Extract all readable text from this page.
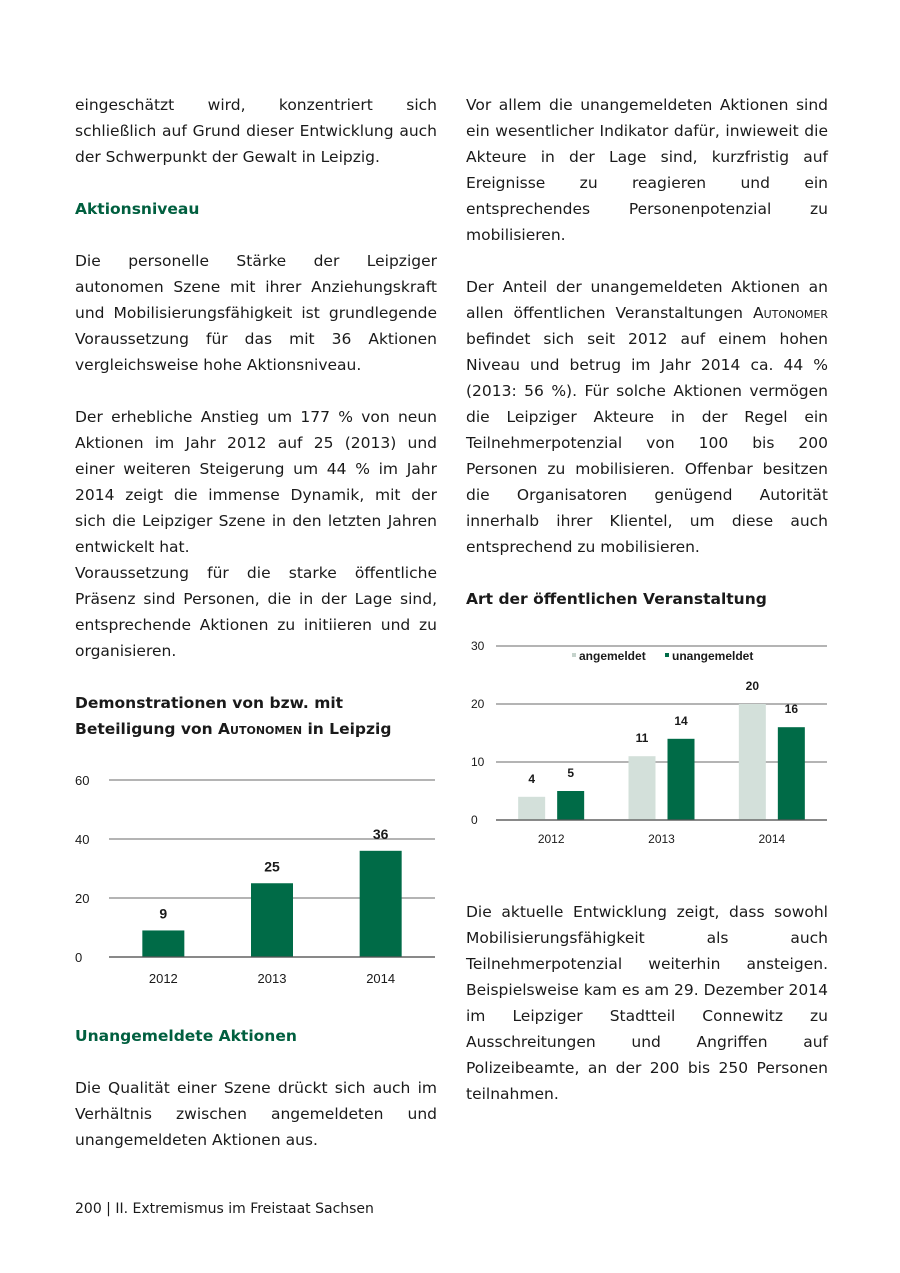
eingeschätzt wird, konzentriert sich schließlich auf Grund dieser Entwicklung auch der Schwerpunkt der Gewalt in Leipzig.

Aktionsniveau

Die personelle Stärke der Leipziger autonomen Szene mit ihrer Anziehungskraft und Mobilisierungsfähigkeit ist grundlegende Voraussetzung für das mit 36 Aktionen vergleichsweise hohe Aktionsniveau.

Der erhebliche Anstieg um 177 % von neun Aktionen im Jahr 2012 auf 25 (2013) und einer weiteren Steigerung um 44 % im Jahr 2014 zeigt die immense Dynamik, mit der sich die Leipziger Szene in den letzten Jahren entwickelt hat.

Voraussetzung für die starke öffentliche Präsenz sind Personen, die in der Lage sind, entsprechende Aktionen zu initiieren und zu organisieren.

Demonstrationen von bzw. mit Beteiligung von Autonomen in Leipzig
0
20
40
60
9
2012
25
2013
36
2014
Unangemeldete Aktionen

Die Qualität einer Szene drückt sich auch im Verhältnis zwischen angemeldeten und unangemeldeten Aktionen aus.

Vor allem die unangemeldeten Aktionen sind ein wesentlicher Indikator dafür, inwieweit die Akteure in der Lage sind, kurzfristig auf Ereignisse zu reagieren und ein entsprechendes Personenpotenzial zu mobilisieren.

Der Anteil der unangemeldeten Aktionen an allen öffentlichen Veranstaltungen Autonomer befindet sich seit 2012 auf einem hohen Niveau und betrug im Jahr 2014 ca. 44 % (2013: 56 %). Für solche Aktionen vermögen die Leipziger Akteure in der Regel ein Teilnehmerpotenzial von 100 bis 200 Personen zu mobilisieren. Offenbar besitzen die Organisatoren genügend Autorität innerhalb ihrer Klientel, um diese auch entsprechend zu mobilisieren.

Art der öffentlichen Veranstaltung
0
10
20
30
angemeldet unangemeldet
4	5
2012
11
14
2013
20
16
2014

Die aktuelle Entwicklung zeigt, dass sowohl Mobilisierungsfähigkeit als auch Teilnehmerpotenzial weiterhin ansteigen. Beispielsweise kam es am 29. Dezember 2014 im Leipziger Stadtteil Connewitz zu Ausschreitungen und Angriffen auf Polizeibeamte, an der 200 bis 250 Personen teilnahmen.

200 | II. Extremismus im Freistaat Sachsen
